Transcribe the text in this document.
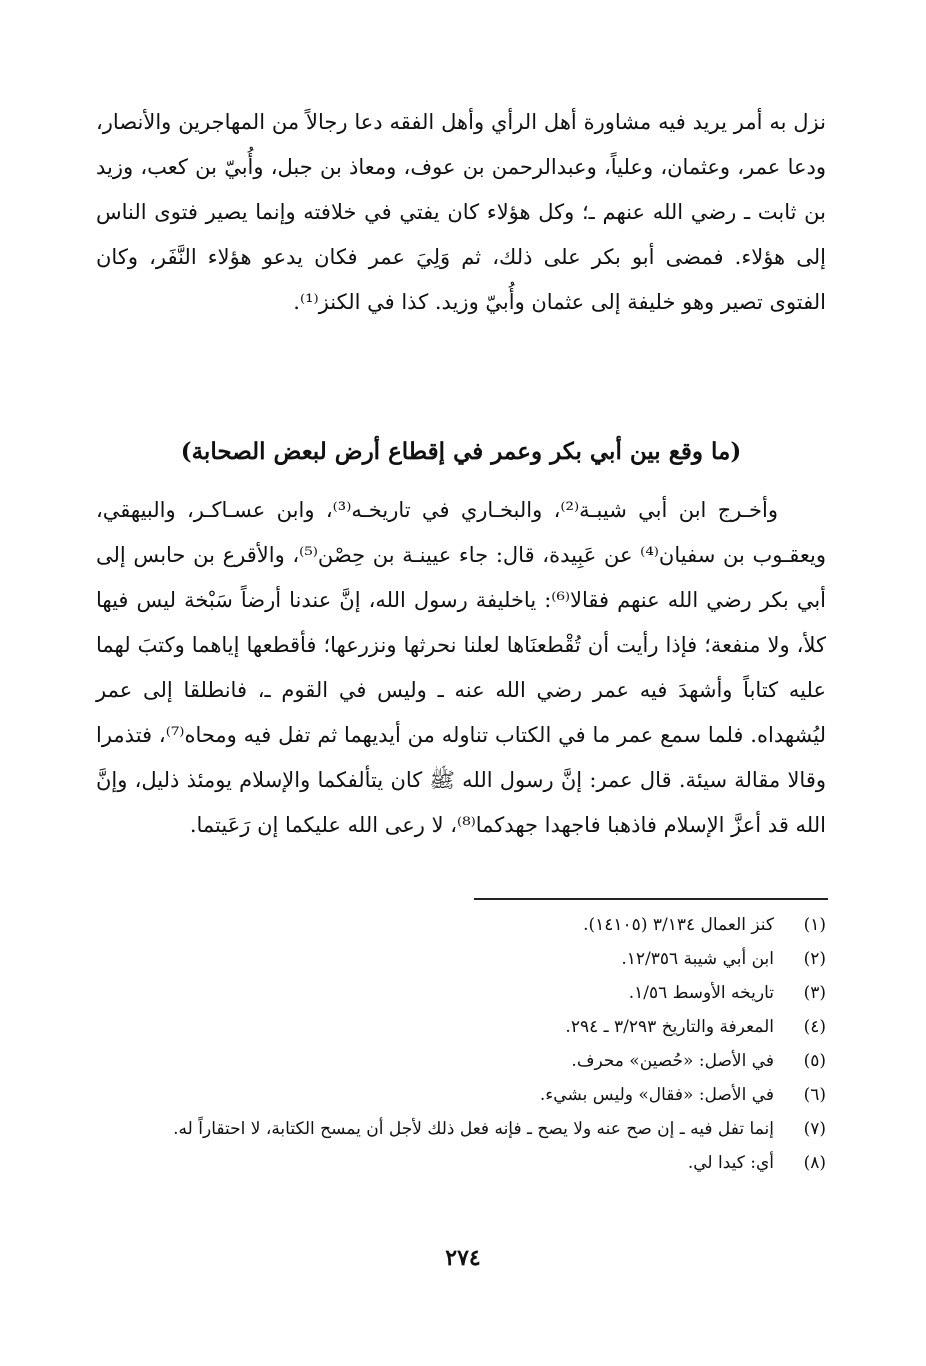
نزل به أمر يريد فيه مشاورة أهل الرأي وأهل الفقه دعا رجالاً من المهاجرين والأنصار، ودعا عمر، وعثمان، وعلياً، وعبدالرحمن بن عوف، ومعاذ بن جبل، وأُبيّ بن كعب، وزيد بن ثابت ـ رضي الله عنهم ـ؛ وكل هؤلاء كان يفتي في خلافته وإنما يصير فتوى الناس إلى هؤلاء. فمضى أبو بكر على ذلك، ثم وَلِيَ عمر فكان يدعو هؤلاء النَّفَر، وكان الفتوى تصير وهو خليفة إلى عثمان وأُبيّ وزيد. كذا في الكنز⁽¹⁾.

(ما وقع بين أبي بكر وعمر في إقطاع أرض لبعض الصحابة)

وأخـرج ابن أبي شيبـة⁽²⁾، والبخـاري في تاريخـه⁽³⁾، وابن عسـاكـر، والبيهقي، ويعقـوب بن سفيان⁽⁴⁾ عن عَبِيدة، قال: جاء عيينـة بن حِصْن⁽⁵⁾، والأقرع بن حابس إلى أبي بكر رضي الله عنهم فقالا⁽⁶⁾: ياخليفة رسول الله، إنَّ عندنا أرضاً سَبْخة ليس فيها كلأ، ولا منفعة؛ فإذا رأيت أن تُقْطعنَاها لعلنا نحرثها ونزرعها؛ فأقطعها إياهما وكتبَ لهما عليه كتاباً وأشهدَ فيه عمر رضي الله عنه ـ وليس في القوم ـ، فانطلقا إلى عمر ليُشهداه. فلما سمع عمر ما في الكتاب تناوله من أيديهما ثم تفل فيه ومحاه⁽⁷⁾، فتذمرا وقالا مقالة سيئة. قال عمر: إنَّ رسول الله ﷺ كان يتألفكما والإسلام يومئذ ذليل، وإنَّ الله قد أعزَّ الإسلام فاذهبا فاجهدا جهدكما⁽⁸⁾، لا رعى الله عليكما إن رَعَيتما.

(١)
كنز العمال ٣/١٣٤ (١٤١٠٥).
(٢)
ابن أبي شيبة ١٢/٣٥٦.
(٣)
تاريخه الأوسط ١/٥٦.
(٤)
المعرفة والتاريخ ٣/٢٩٣ ـ ٢٩٤.
(٥)
في الأصل: «حُصين» محرف.
(٦)
في الأصل: «فقال» وليس بشيء.
(٧)
إنما تفل فيه ـ إن صح عنه ولا يصح ـ فإنه فعل ذلك لأجل أن يمسح الكتابة، لا احتقاراً له.
(٨)
أي: كيدا لي.
٢٧٤
